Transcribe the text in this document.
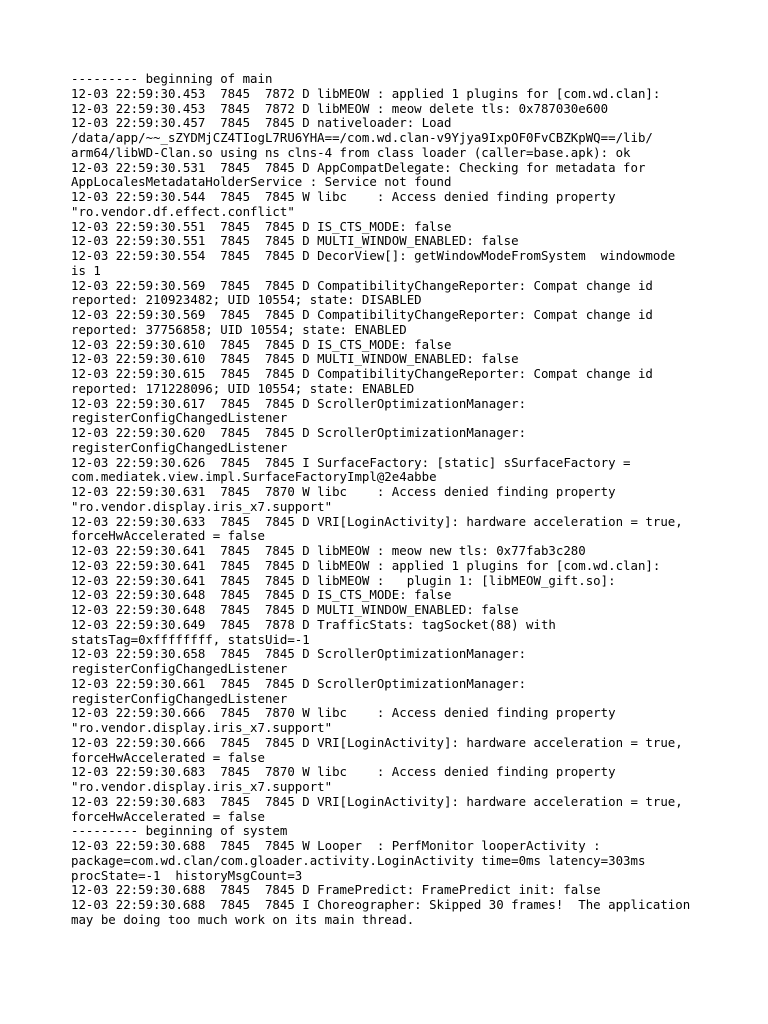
--------- beginning of main
12-03 22:59:30.453  7845  7872 D libMEOW : applied 1 plugins for [com.wd.clan]:
12-03 22:59:30.453  7845  7872 D libMEOW : meow delete tls: 0x787030e600
12-03 22:59:30.457  7845  7845 D nativeloader: Load
/data/app/~~_sZYDMjCZ4TIogL7RU6YHA==/com.wd.clan-v9Yjya9IxpOF0FvCBZKpWQ==/lib/
arm64/libWD-Clan.so using ns clns-4 from class loader (caller=base.apk): ok
12-03 22:59:30.531  7845  7845 D AppCompatDelegate: Checking for metadata for
AppLocalesMetadataHolderService : Service not found
12-03 22:59:30.544  7845  7845 W libc    : Access denied finding property
"ro.vendor.df.effect.conflict"
12-03 22:59:30.551  7845  7845 D IS_CTS_MODE: false
12-03 22:59:30.551  7845  7845 D MULTI_WINDOW_ENABLED: false
12-03 22:59:30.554  7845  7845 D DecorView[]: getWindowModeFromSystem  windowmode
is 1
12-03 22:59:30.569  7845  7845 D CompatibilityChangeReporter: Compat change id
reported: 210923482; UID 10554; state: DISABLED
12-03 22:59:30.569  7845  7845 D CompatibilityChangeReporter: Compat change id
reported: 37756858; UID 10554; state: ENABLED
12-03 22:59:30.610  7845  7845 D IS_CTS_MODE: false
12-03 22:59:30.610  7845  7845 D MULTI_WINDOW_ENABLED: false
12-03 22:59:30.615  7845  7845 D CompatibilityChangeReporter: Compat change id
reported: 171228096; UID 10554; state: ENABLED
12-03 22:59:30.617  7845  7845 D ScrollerOptimizationManager:
registerConfigChangedListener
12-03 22:59:30.620  7845  7845 D ScrollerOptimizationManager:
registerConfigChangedListener
12-03 22:59:30.626  7845  7845 I SurfaceFactory: [static] sSurfaceFactory =
com.mediatek.view.impl.SurfaceFactoryImpl@2e4abbe
12-03 22:59:30.631  7845  7870 W libc    : Access denied finding property
"ro.vendor.display.iris_x7.support"
12-03 22:59:30.633  7845  7845 D VRI[LoginActivity]: hardware acceleration = true,
forceHwAccelerated = false
12-03 22:59:30.641  7845  7845 D libMEOW : meow new tls: 0x77fab3c280
12-03 22:59:30.641  7845  7845 D libMEOW : applied 1 plugins for [com.wd.clan]:
12-03 22:59:30.641  7845  7845 D libMEOW :   plugin 1: [libMEOW_gift.so]:
12-03 22:59:30.648  7845  7845 D IS_CTS_MODE: false
12-03 22:59:30.648  7845  7845 D MULTI_WINDOW_ENABLED: false
12-03 22:59:30.649  7845  7878 D TrafficStats: tagSocket(88) with
statsTag=0xffffffff, statsUid=-1
12-03 22:59:30.658  7845  7845 D ScrollerOptimizationManager:
registerConfigChangedListener
12-03 22:59:30.661  7845  7845 D ScrollerOptimizationManager:
registerConfigChangedListener
12-03 22:59:30.666  7845  7870 W libc    : Access denied finding property
"ro.vendor.display.iris_x7.support"
12-03 22:59:30.666  7845  7845 D VRI[LoginActivity]: hardware acceleration = true,
forceHwAccelerated = false
12-03 22:59:30.683  7845  7870 W libc    : Access denied finding property
"ro.vendor.display.iris_x7.support"
12-03 22:59:30.683  7845  7845 D VRI[LoginActivity]: hardware acceleration = true,
forceHwAccelerated = false
--------- beginning of system
12-03 22:59:30.688  7845  7845 W Looper  : PerfMonitor looperActivity :
package=com.wd.clan/com.gloader.activity.LoginActivity time=0ms latency=303ms
procState=-1  historyMsgCount=3
12-03 22:59:30.688  7845  7845 D FramePredict: FramePredict init: false
12-03 22:59:30.688  7845  7845 I Choreographer: Skipped 30 frames!  The application
may be doing too much work on its main thread.
